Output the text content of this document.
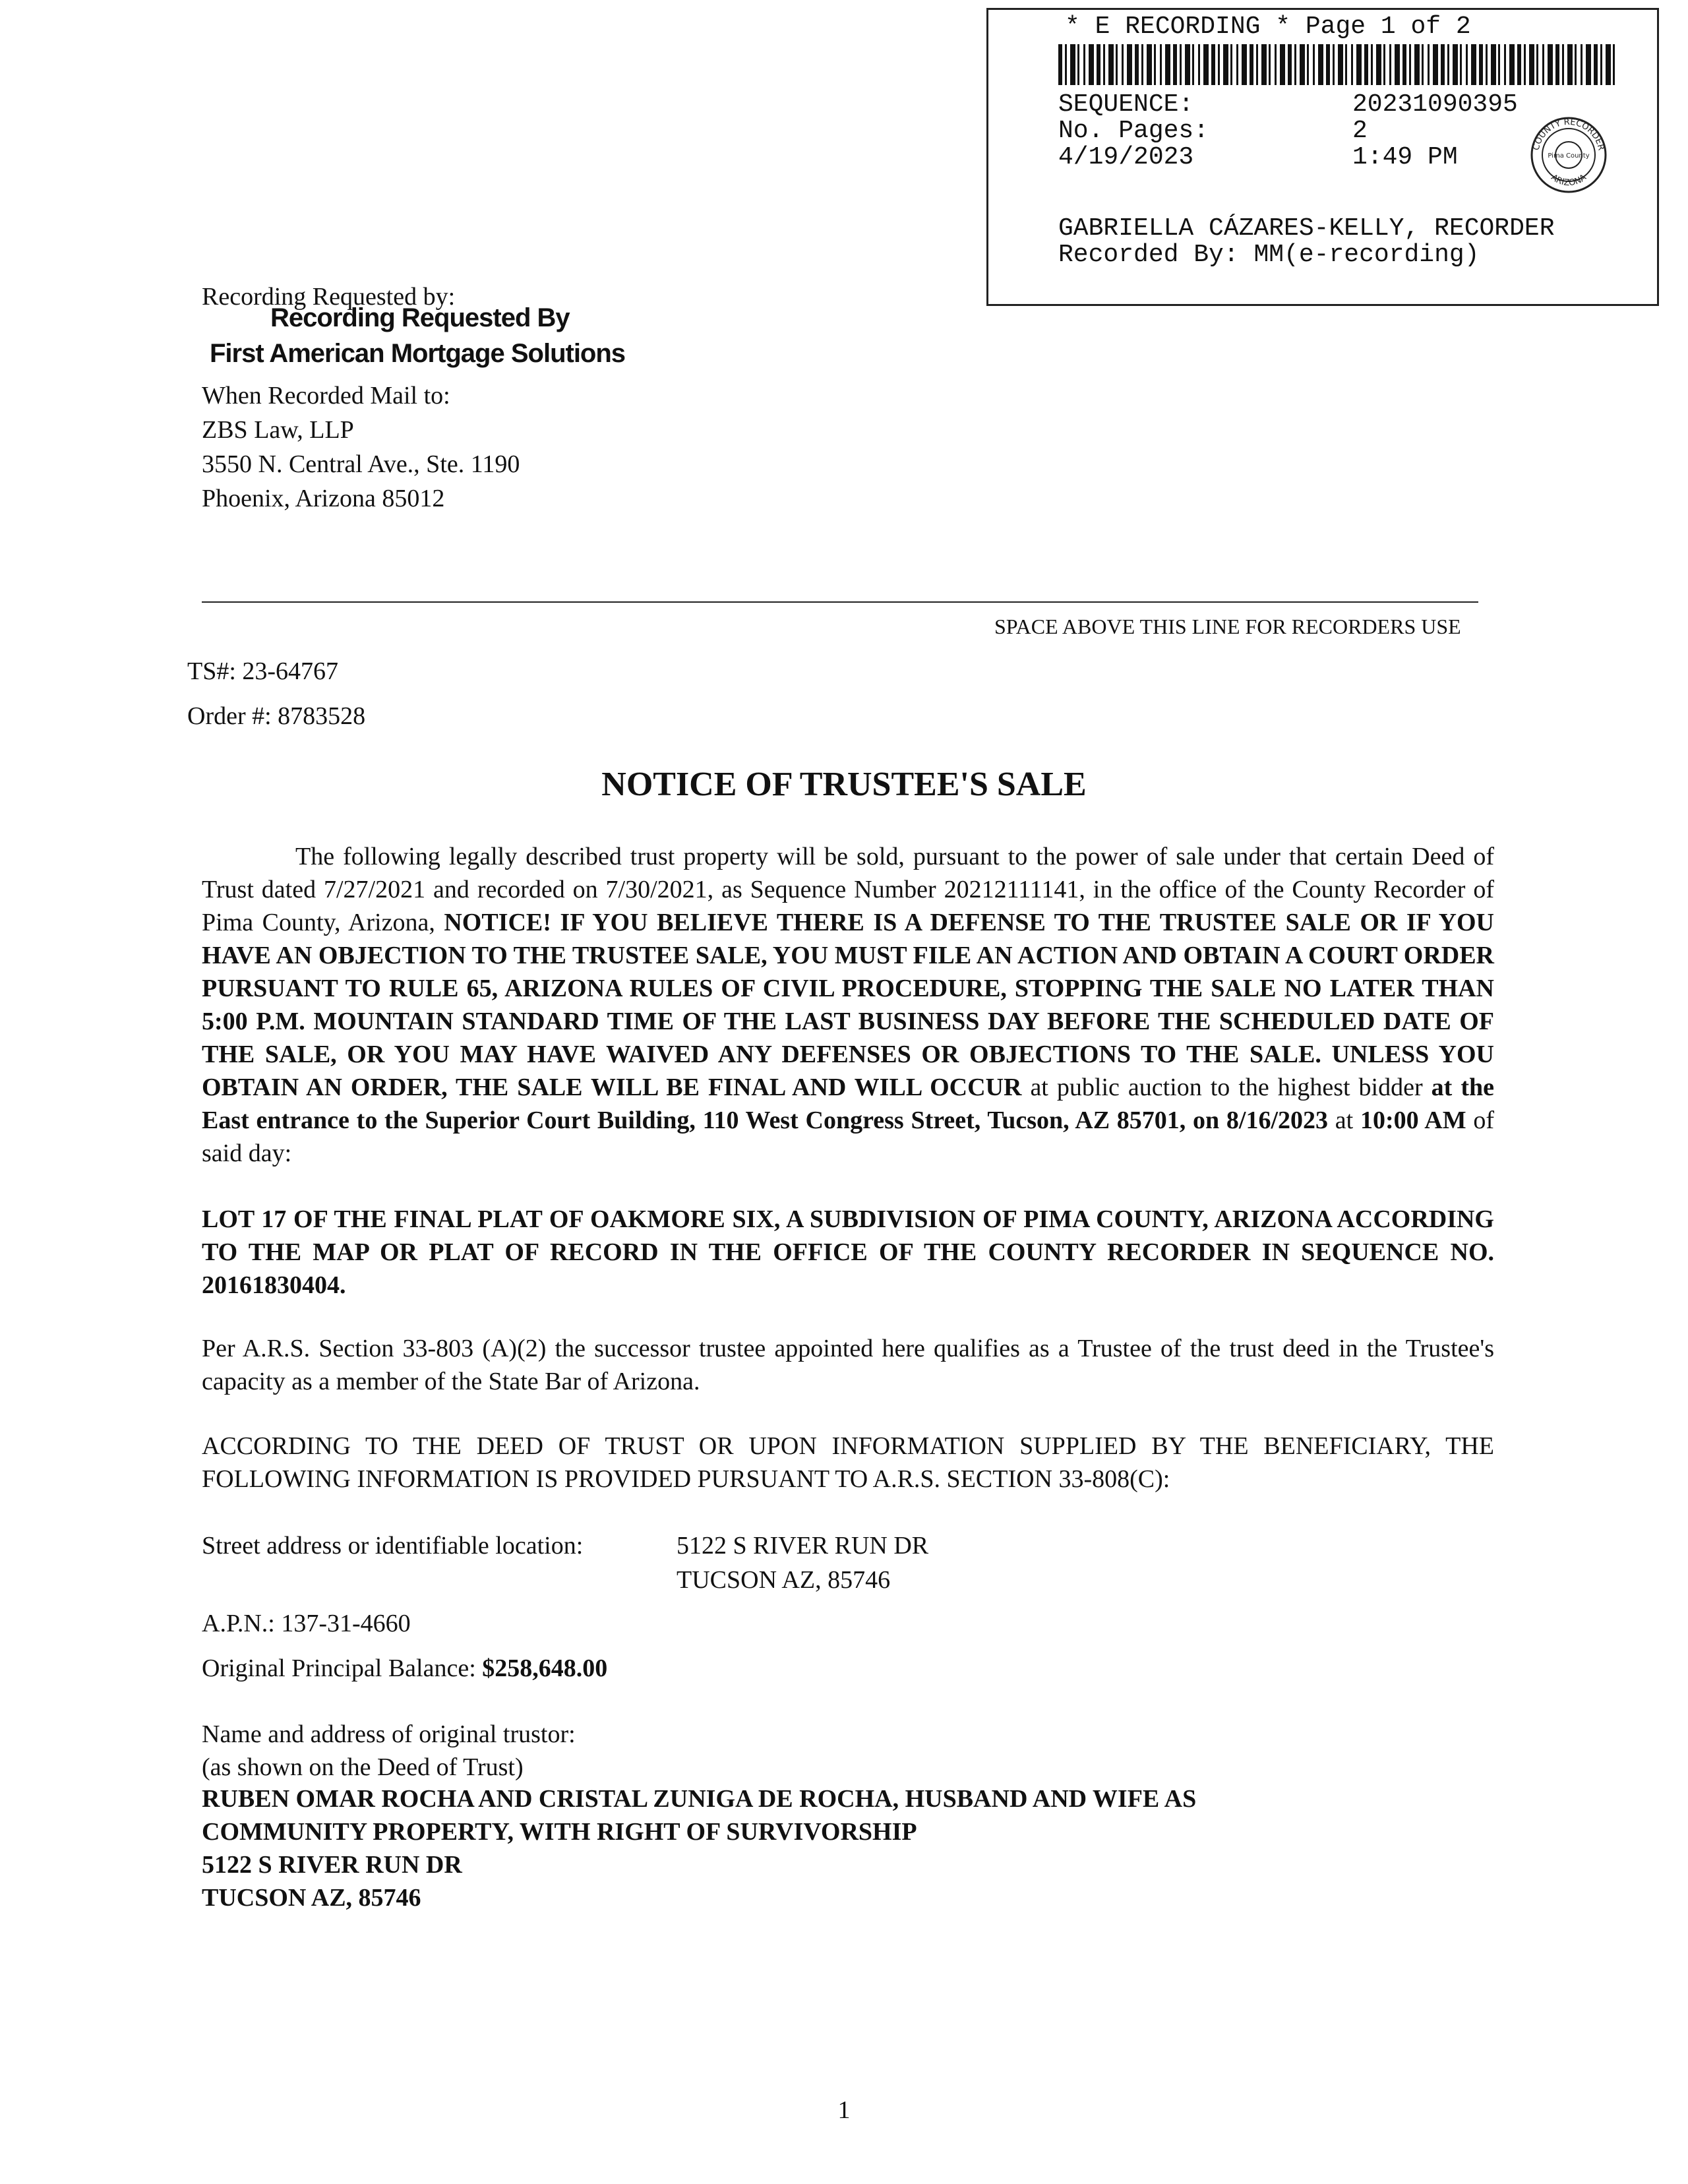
* E RECORDING * Page 1 of 2
SEQUENCE:	20231090395
No. Pages:	2
4/19/2023	1:49 PM	COUNTY RECORDER
ARIZONA
Pima County
GABRIELLA CÁZARES-KELLY, RECORDER
Recorded By: MM(e-recording)
Recording Requested by:
Recording Requested By
First American Mortgage Solutions
When Recorded Mail to:
ZBS Law, LLP
3550 N. Central Ave., Ste. 1190
Phoenix, Arizona 85012
SPACE ABOVE THIS LINE FOR RECORDERS USE
TS#: 23-64767
Order #: 8783528
NOTICE OF TRUSTEE'S SALE
The following legally described trust property will be sold, pursuant to the power of sale under that certain Deed of Trust dated 7/27/2021 and recorded on 7/30/2021, as Sequence Number 20212111141, in the office of the County Recorder of Pima County, Arizona, NOTICE! IF YOU BELIEVE THERE IS A DEFENSE TO THE TRUSTEE SALE OR IF YOU HAVE AN OBJECTION TO THE TRUSTEE SALE, YOU MUST FILE AN ACTION AND OBTAIN A COURT ORDER PURSUANT TO RULE 65, ARIZONA RULES OF CIVIL PROCEDURE, STOPPING THE SALE NO LATER THAN 5:00 P.M. MOUNTAIN STANDARD TIME OF THE LAST BUSINESS DAY BEFORE THE SCHEDULED DATE OF THE SALE, OR YOU MAY HAVE WAIVED ANY DEFENSES OR OBJECTIONS TO THE SALE. UNLESS YOU OBTAIN AN ORDER, THE SALE WILL BE FINAL AND WILL OCCUR at public auction to the highest bidder at the East entrance to the Superior Court Building, 110 West Congress Street, Tucson, AZ 85701, on 8/16/2023 at 10:00 AM of said day:
LOT 17 OF THE FINAL PLAT OF OAKMORE SIX, A SUBDIVISION OF PIMA COUNTY, ARIZONA ACCORDING TO THE MAP OR PLAT OF RECORD IN THE OFFICE OF THE COUNTY RECORDER IN SEQUENCE NO. 20161830404.
Per A.R.S. Section 33-803 (A)(2) the successor trustee appointed here qualifies as a Trustee of the trust deed in the Trustee's capacity as a member of the State Bar of Arizona.
ACCORDING TO THE DEED OF TRUST OR UPON INFORMATION SUPPLIED BY THE BENEFICIARY, THE FOLLOWING INFORMATION IS PROVIDED PURSUANT TO A.R.S. SECTION 33-808(C):
Street address or identifiable location:	5122 S RIVER RUN DR
TUCSON AZ, 85746
A.P.N.: 137-31-4660
Original Principal Balance: $258,648.00
Name and address of original trustor:
(as shown on the Deed of Trust)
RUBEN OMAR ROCHA AND CRISTAL ZUNIGA DE ROCHA, HUSBAND AND WIFE AS
COMMUNITY PROPERTY, WITH RIGHT OF SURVIVORSHIP
5122 S RIVER RUN DR
TUCSON AZ, 85746
1
